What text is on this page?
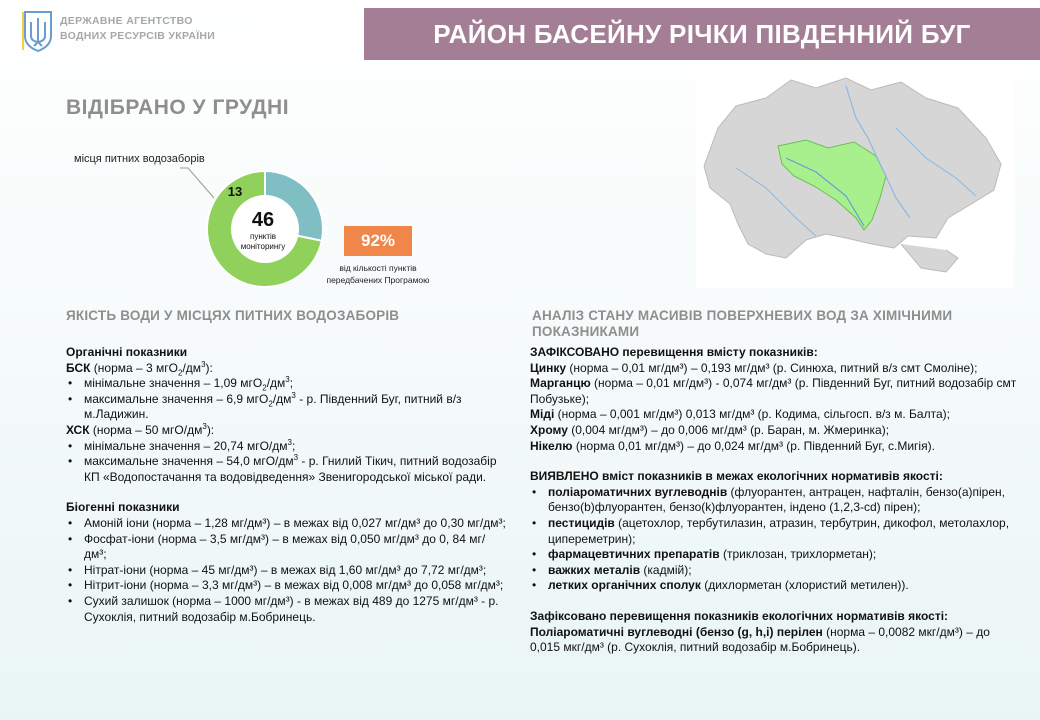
ДЕРЖАВНЕ АГЕНТСТВО
ВОДНИХ РЕСУРСІВ УКРАЇНИ	РАЙОН БАСЕЙНУ РІЧКИ ПІВДЕННИЙ БУГ
ВІДІБРАНО У ГРУДНІ
місця питних водозаборів
46
пунктів
моніторингу
13
92%
від кількості пунктів передбачених Програмою
ЯКІСТЬ ВОДИ У МІСЦЯХ ПИТНИХ ВОДОЗАБОРІВ	АНАЛІЗ СТАНУ МАСИВІВ ПОВЕРХНЕВИХ ВОД ЗА ХІМІЧНИМИ ПОКАЗНИКАМИ
Органічні показники
БСК (норма – 3 $мгО_2/дм^3$):
• мінімальне значення – 1,09 $мгО_2/дм^3$;
• максимальне значення – 6,9 $мгО_2/дм^3$ - р. Південний Буг, питний в/з м.Ладижин.
ХСК (норма – 50 мгО/$дм^3$):
• мінімальне значення – 20,74 мгО/$дм^3$;
• максимальне значення – 54,0 мгО/$дм^3$ - р. Гнилий Тікич, питний водозабір КП «Водопостачання та водовідведення» Звенигородської міської ради.
Біогенні показники
• Амоній іони (норма – 1,28 мг/дм³) – в межах від 0,027 мг/дм³ до 0,30 мг/дм³;
• Фосфат-іони (норма – 3,5 мг/дм³) – в межах від 0,050 мг/дм³ до 0, 84 мг/дм³;
• Нітрат-іони (норма – 45 мг/дм³) – в межах від 1,60 мг/дм³ до 7,72 мг/дм³;
• Нітрит-іони (норма – 3,3 мг/дм³) – в межах від 0,008 мг/дм³ до 0,058 мг/дм³;
• Сухий залишок (норма – 1000 мг/дм³) - в межах від 489 до 1275 мг/дм³ - р. Сухоклія, питний водозабір м.Бобринець.
ЗАФІКСОВАНО перевищення вмісту показників:
Цинку (норма – 0,01 мг/дм³) – 0,193 мг/дм³ (р. Синюха, питний в/з смт Смоліне);
Марганцю (норма – 0,01 мг/дм³) - 0,074 мг/дм³ (р. Південний Буг, питний водозабір смт Побузьке);
Міді (норма – 0,001 мг/дм³) 0,013 мг/дм³ (р. Кодима, сільгосп. в/з м. Балта);
Хрому (0,004 мг/дм³) – до 0,006 мг/дм³ (р. Баран, м. Жмеринка);
Нікелю (норма 0,01 мг/дм³) – до 0,024 мг/дм³ (р. Південний Буг, с.Мигія).
ВИЯВЛЕНО вміст показників в межах екологічних нормативів якості:
• поліароматичних вуглеводнів (флуорантен, антрацен, нафталін, бензо(а)пірен, бензо(b)флуорантен, бензо(k)флуорантен, індено (1,2,3-cd) пірен);
• пестицидів (ацетохлор, тербутилазин, атразин, тербутрин, дикофол, метолахлор, ципереметрин);
• фармацевтичних препаратів (триклозан, трихлорметан);
• важких металів (кадмій);
• летких органічних сполук (дихлорметан (хлористий метилен)).
Зафіксовано перевищення показників екологічних нормативів якості:
Поліароматичні вуглеводні (бензо (g, h,i) перілен (норма – 0,0082 мкг/дм³) – до 0,015 мкг/дм³ (р. Сухоклія, питний водозабір м.Бобринець).
